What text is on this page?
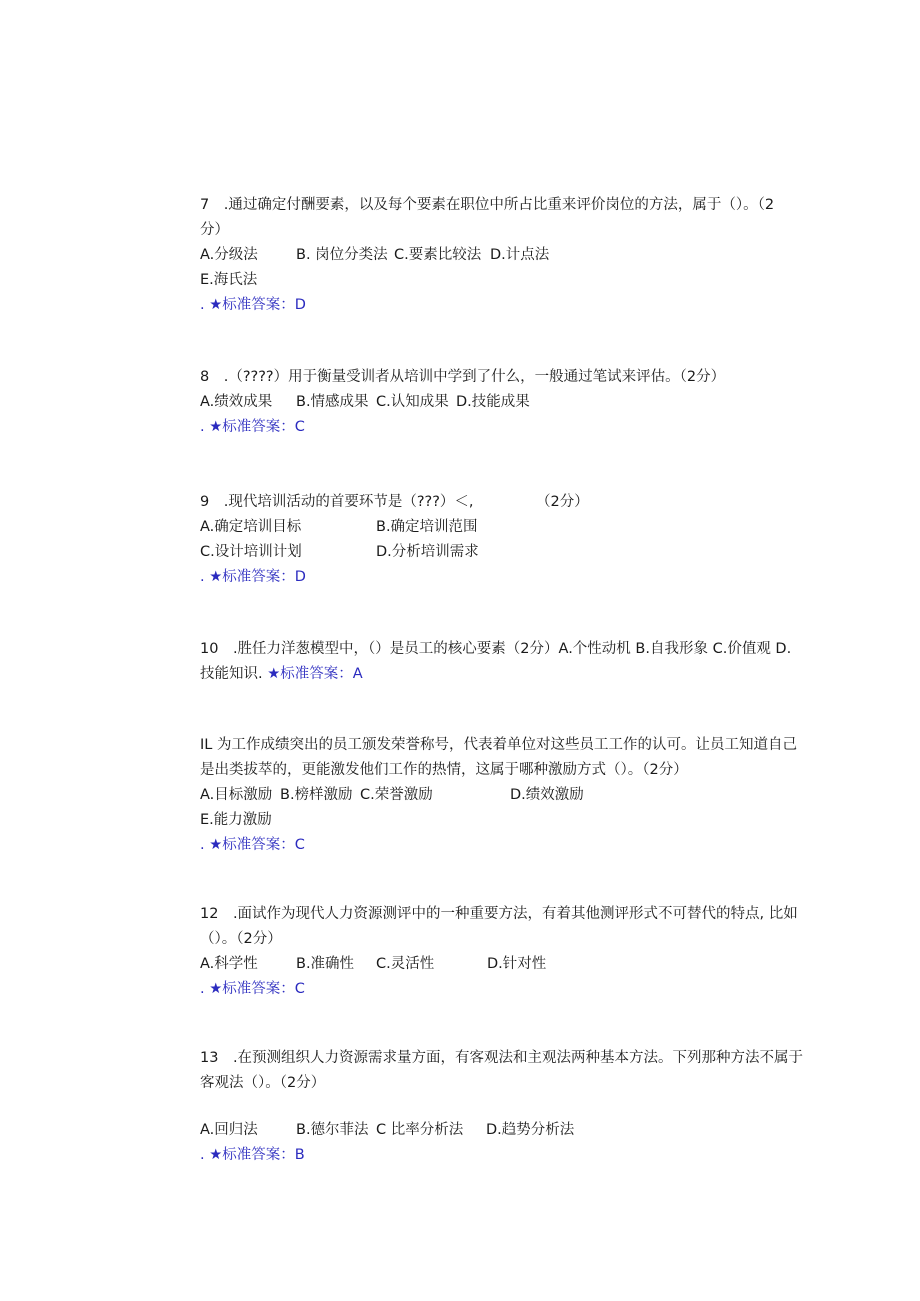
7　.通过确定付酬要素，以及每个要素在职位中所占比重来评价岗位的方法，属于（）。（2
分）
A.分级法	B. 岗位分类法 C.要素比较法 D.计点法
E.海氏法
. ★标准答案：D
8　.（????）用于衡量受训者从培训中学到了什么，一般通过笔试来评估。（2分）
A.绩效成果	B.情感成果 C.认知成果 D.技能成果
. ★标准答案：C
9　.现代培训活动的首要环节是（???）＜,	（2分）
A.确定培训目标	B.确定培训范围
C.设计培训计划	D.分析培训需求
. ★标准答案：D
10　.胜任力洋葱模型中，（）是员工的核心要素（2分）A.个性动机 B.自我形象 C.价值观 D.
技能知识. ★标准答案：A
IL 为工作成绩突出的员工颁发荣誉称号，代表着单位对这些员工工作的认可。让员工知道自己
是出类拔萃的，更能激发他们工作的热情，这属于哪种激励方式（）。（2分）
A.目标激励 B.榜样激励 C.荣誉激励	D.绩效激励
E.能力激励
. ★标准答案：C
12　.面试作为现代人力资源测评中的一种重要方法，有着其他测评形式不可替代的特点, 比如
（）。（2分）
A.科学性	B.准确性	C.灵活性	D.针对性
. ★标准答案：C
13　.在预测组织人力资源需求量方面，有客观法和主观法两种基本方法。下列那种方法不属于
客观法（）。（2分）
A.回归法	B.德尔菲法 C 比率分析法	D.趋势分析法
. ★标准答案：B
